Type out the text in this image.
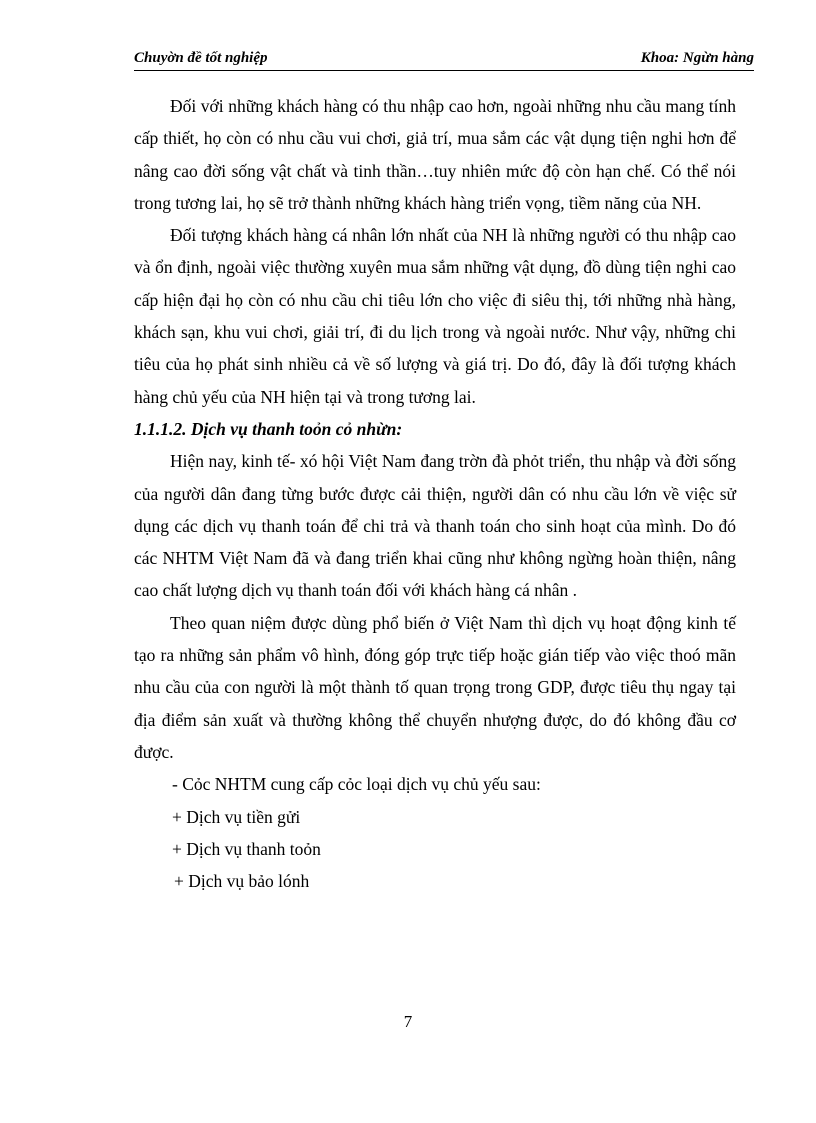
Chuyờn đề tốt nghiệp	Khoa: Ngừn hàng

Đối với những khách hàng có thu nhập cao hơn, ngoài những nhu cầu mang tính cấp thiết, họ còn có nhu cầu vui chơi, giả trí, mua sắm các vật dụng tiện nghi hơn để nâng cao đời sống vật chất và tinh thần…tuy nhiên mức độ còn hạn chế. Có thể nói trong tương lai, họ sẽ trở thành những khách hàng triển vọng, tiềm năng của NH.

Đối tượng khách hàng cá nhân lớn nhất của NH là những người có thu nhập cao và ổn định, ngoài việc thường xuyên mua sắm những vật dụng, đồ dùng tiện nghi cao cấp hiện đại họ còn có nhu cầu chi tiêu lớn cho việc đi siêu thị, tới những nhà hàng, khách sạn, khu vui chơi, giải trí, đi du lịch trong và ngoài nước. Như vậy, những chi tiêu của họ phát sinh nhiều cả về số lượng và giá trị. Do đó, đây là đối tượng khách hàng chủ yếu của NH hiện tại và trong tương lai.

1.1.1.2. Dịch vụ thanh toỏn cỏ nhừn:

Hiện nay, kinh tế- xó hội Việt Nam đang trờn đà phỏt triển, thu nhập và đời sống của người dân đang từng bước được cải thiện, người dân có nhu cầu lớn về việc sử dụng các dịch vụ thanh toán để chi trả và thanh toán cho sinh hoạt của mình. Do đó các NHTM Việt Nam đã và đang triển khai cũng như không ngừng hoàn thiện, nâng cao chất lượng dịch vụ thanh toán đối với khách hàng cá nhân .

Theo quan niệm được dùng phổ biến ở Việt Nam thì dịch vụ hoạt động kinh tế tạo ra những sản phẩm vô hình, đóng góp trực tiếp hoặc gián tiếp vào việc thoó mãn nhu cầu của con người là một thành tố quan trọng trong GDP, được tiêu thụ ngay tại địa điểm sản xuất và thường không thể chuyển nhượng được, do đó không đầu cơ được.

- Cỏc NHTM cung cấp cỏc loại dịch vụ chủ yếu sau:

+ Dịch vụ tiền gửi

+ Dịch vụ thanh toỏn

+ Dịch vụ bảo lónh

7
